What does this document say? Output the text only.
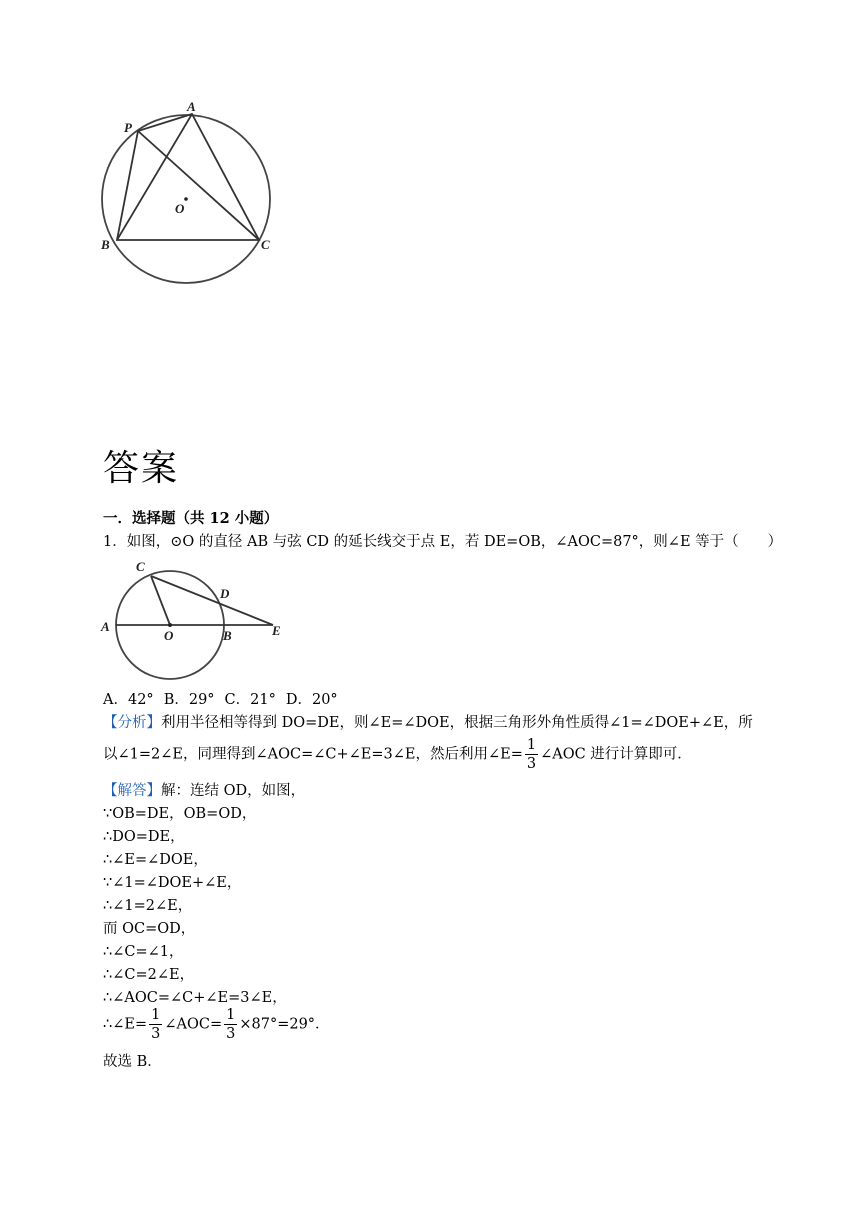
A
P
O
B	C
答案
一．选择题（共 12 小题）
1．如图，⊙O 的直径 AB 与弦 CD 的延长线交于点 E，若 DE=OB，∠AOC=87°，则∠E 等于（　　）
C
D
A
O	B	E
A．42° B．29° C．21° D．20°
【分析】利用半径相等得到 DO=DE，则∠E=∠DOE，根据三角形外角性质得∠1=∠DOE+∠E，所
以∠1=2∠E，同理得到∠AOC=∠C+∠E=3∠E，然后利用∠E= $\frac{1}{3}$ ∠AOC 进行计算即可．
【解答】解：连结 OD，如图，
∵OB=DE，OB=OD，
∴DO=DE，
∴∠E=∠DOE，
∵∠1=∠DOE+∠E，
∴∠1=2∠E，
而 OC=OD，
∴∠C=∠1，
∴∠C=2∠E，
∴∠AOC=∠C+∠E=3∠E，
∴∠E= $\frac{1}{3}$ ∠AOC= $\frac{1}{3} \times 87^\circ=29^\circ$．
故选 B．
